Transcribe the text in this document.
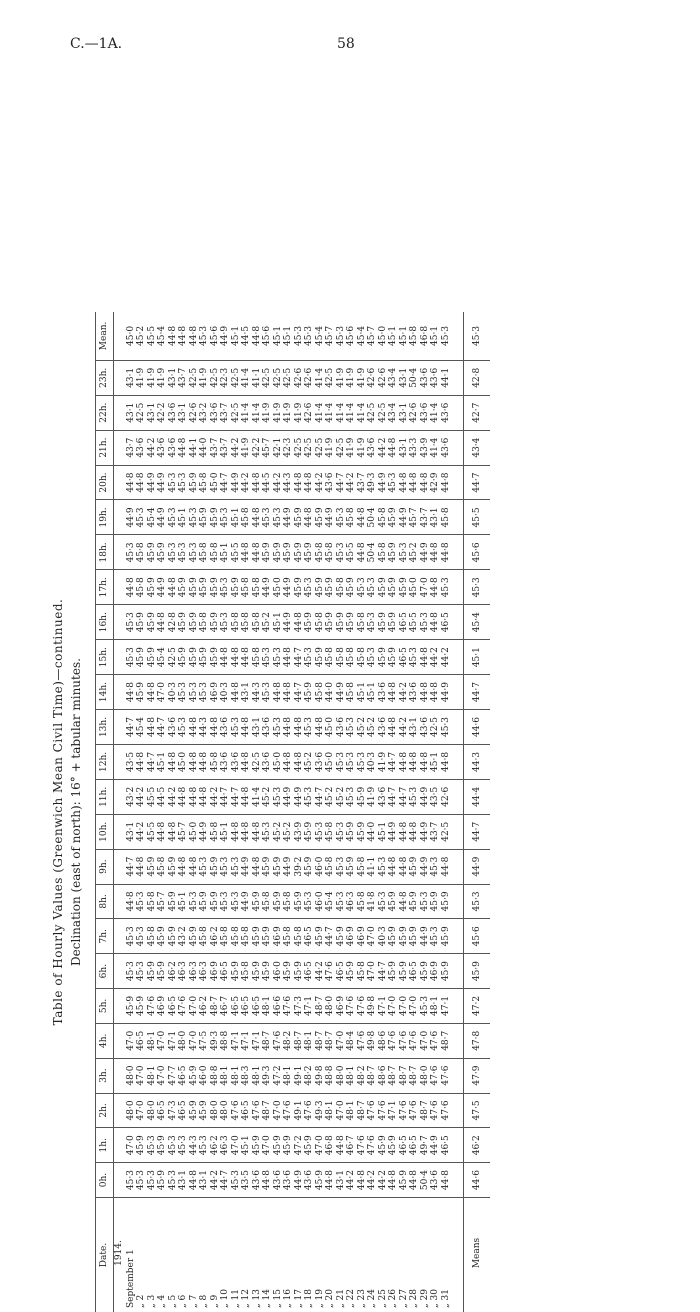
C.—1A.	58
Table of Hourly Values (Greenwich Mean Civil Time)—continued. Declination (east of north): 16° + tabular minutes.
Date.	0h.	1h.	2h.	3h.	4h.	5h.	6h.	7h.	8h.	9h.	10h.	11h.	12h.	13h.	14h.	15h.	16h.	17h.	18h.	19h.	20h.	21h.	22h.	23h.	Mean.
1914.																									
September 1	45·3	47·0	48·0	48·0	47·0	45·9	45·3	45·3	44·8	44·7	43·1	43·2	43·5	44·7	44·8	45·3	45·3	44·8	45·3	44·9	44·8	43·7	43·1	43·1	45·0
„ 2	45·3	45·9	47·0	47·0	46·5	45·9	45·3	45·3	45·3	44·8	44·2	44·2	44·8	45·4	45·9	45·9	45·9	45·8	45·8	45·3	44·8	43·6	42·5	41·9	45·2
„ 3	45·3	45·3	48·0	48·1	48·1	47·6	45·9	45·8	45·8	45·9	45·5	45·5	44·7	44·8	44·8	45·9	45·9	45·9	45·9	45·4	44·9	44·2	43·1	41·9	45·5
„ 4	45·9	45·9	46·5	47·0	47·0	46·9	45·9	45·9	45·7	45·8	44·8	44·5	45·1	44·7	47·0	45·4	44·8	44·9	45·9	44·9	44·9	43·6	42·2	41·9	45·4
„ 5	45·3	45·3	47·3	47·7	47·1	46·5	46·2	45·9	45·9	45·9	44·8	44·2	44·8	43·6	40·3	42·5	42·8	44·8	45·3	45·3	45·3	43·6	43·6	43·1	44·8
„ 6	43·1	45·3	46·5	46·5	48·0	47·6	46·3	43·2	45·1	44·8	45·7	44·8	45·0	45·3	45·3	45·9	45·9	45·9	45·3	45·1	45·3	44·8	43·1	43·7	44·8
„ 7	44·8	44·3	45·9	45·9	47·0	47·0	46·3	45·9	45·3	44·8	45·0	44·8	44·8	44·8	45·3	45·9	45·9	45·9	45·3	45·3	45·9	44·1	42·6	42·5	44·8
„ 8	43·1	45·3	45·9	46·0	47·5	46·2	46·3	45·8	45·9	45·3	44·9	44·8	44·8	44·3	45·3	45·9	45·8	45·9	45·8	45·9	45·8	44·0	43·2	41·9	45·3
„ 9	44·2	46·2	48·0	48·8	49·3	48·7	46·9	46·2	45·9	45·9	45·8	44·2	45·8	44·8	46·9	45·9	45·9	45·9	45·8	45·9	45·0	43·7	43·6	42·5	45·6
„ 10	44·7	46·3	48·0	48·1	48·8	46·7	46·5	45·8	45·3	45·3	45·1	44·7	43·6	43·6	40·3	44·8	45·3	45·3	45·1	45·3	44·7	43·7	43·7	42·3	44·9
„ 11	45·3	47·0	47·6	48·1	47·1	46·5	45·9	45·8	45·3	45·3	44·8	44·7	43·6	45·3	44·8	44·8	45·8	45·9	45·5	45·1	44·9	44·2	42·5	42·5	45·1
„ 12	43·5	45·1	46·5	48·3	47·1	46·5	45·8	45·8	44·9	44·9	44·8	44·8	44·8	44·8	43·1	44·8	45·8	45·8	44·8	45·8	44·2	41·9	41·4	41·4	44·5
„ 13	43·6	45·9	47·6	48·1	47·1	46·5	45·9	45·9	45·9	44·8	44·8	41·4	42·5	43·1	44·3	45·8	45·8	45·8	44·8	44·8	44·8	42·2	41·4	41·1	44·8
„ 14	44·8	47·0	48·7	49·3	48·7	48·1	45·9	45·9	45·8	45·9	45·3	45·2	43·6	43·6	45·3	45·3	45·2	44·9	45·9	45·3	44·5	45·7	41·9	42·5	45·6
„ 15	43·6	45·9	47·0	47·2	47·6	46·6	46·0	46·9	45·9	45·9	45·2	45·3	45·0	45·3	44·8	45·3	45·1	45·0	45·9	45·3	44·2	42·1	41·9	42·5	45·1
„ 16	43·6	45·9	47·6	48·1	48·2	47·6	45·9	45·8	45·8	44·9	45·2	44·9	44·8	44·8	44·8	44·8	44·9	44·9	45·9	44·9	44·3	42·3	41·9	42·5	45·1
„ 17	44·9	47·2	49·1	49·1	48·7	47·3	45·9	45·8	45·9	39·2	43·9	44·9	44·8	44·8	44·7	44·7	44·8	45·9	45·9	45·9	44·8	42·5	41·9	42·6	45·3
„ 18	43·6	45·9	47·6	48·2	48·1	47·1	46·5	46·5	45·3	45·9	45·9	45·3	45·2	45·3	45·9	45·3	45·9	45·3	45·9	44·8	44·8	42·5	42·6	42·6	45·3
„ 19	45·9	47·0	49·3	49·8	48·7	48·7	44·2	45·9	46·0	46·0	45·3	44·7	43·6	44·8	45·8	45·9	45·8	45·9	45·8	45·9	44·2	42·5	41·4	41·4	45·4
„ 20	44·8	46·8	48·1	48·8	48·7	48·0	47·6	44·7	45·4	45·8	45·8	45·2	45·0	45·0	44·0	45·8	45·9	45·9	45·8	44·9	43·6	41·9	41·4	42·5	45·7
„ 21	43·1	44·8	47·0	48·0	47·0	46·9	46·5	45·9	45·3	45·3	45·3	45·2	45·3	43·6	44·9	45·8	45·9	45·8	45·3	45·3	44·7	42·5	41·4	41·9	45·3
„ 22	44·2	46·7	48·1	48·1	48·4	47·6	45·9	46·9	46·3	45·9	45·9	45·3	45·3	45·3	45·8	45·8	45·9	45·9	45·5	45·8	44·2	41·9	41·4	41·9	45·6
„ 23	44·8	47·6	48·7	48·2	47·6	47·6	45·8	46·9	45·8	45·8	45·9	45·9	45·3	45·2	45·1	45·8	45·8	45·3	44·8	44·8	43·7	41·9	41·4	41·9	45·4
„ 24	44·2	47·6	47·6	48·7	49·8	49·8	47·0	47·0	41·8	41·1	44·0	41·9	40·3	45·2	45·1	45·3	45·3	45·3	50·4	50·4	49·3	43·6	42·5	42·6	45·7
„ 25	44·2	45·9	47·6	48·6	48·6	47·1	44·7	40·3	45·3	45·3	45·1	43·6	41·9	43·6	43·6	45·9	45·9	45·9	45·8	45·8	44·9	44·2	42·5	42·6	45·0
„ 26	44·8	45·9	47·1	48·7	47·6	47·0	45·9	45·9	45·9	44·8	44·9	44·7	44·7	44·8	44·8	45·9	45·9	45·9	45·9	45·9	45·3	44·8	43·4	43·4	45·1
„ 27	45·9	46·5	47·6	48·7	47·6	47·0	45·9	45·9	44·8	44·8	44·8	44·7	44·8	44·2	44·2	46·5	46·5	45·9	45·3	44·9	44·8	43·1	43·1	43·1	45·1
„ 28	44·8	46·5	47·6	48·7	47·6	47·0	46·5	45·9	45·9	45·9	44·8	45·3	44·8	43·1	43·6	45·3	45·5	45·0	45·2	45·7	44·8	43·3	42·6	50·4	45·8
„ 29	50·4	49·7	48·7	48·0	47·0	45·3	45·9	44·9	45·3	44·9	44·9	44·9	44·8	43·6	44·8	44·8	45·3	47·0	44·9	43·7	44·8	43·9	43·6	43·6	46·8
„ 30	43·6	44·9	47·6	47·6	47·6	48·1	46·9	45·3	45·9	45·3	43·7	43·5	45·1	42·5	44·8	44·2	44·8	44·8	44·8	43·1	42·9	41·4	41·4	43·6	45·1
„ 31	44·8	46·5	47·6	47·6	48·7	47·1	45·9	45·9	45·9	44·8	42·5	42·6	44·8	45·3	44·9	44·2	46·5	45·3	44·8	45·8	44·8	43·6	43·6	44·1	45·3
Means	44·6	46·2	47·5	47·9	47·8	47·2	45·9	45·6	45·3	44·9	44·7	44·4	44·3	44·6	44·7	45·1	45·4	45·3	45·6	45·5	44·7	43·4	42·7	42·8	45·3
